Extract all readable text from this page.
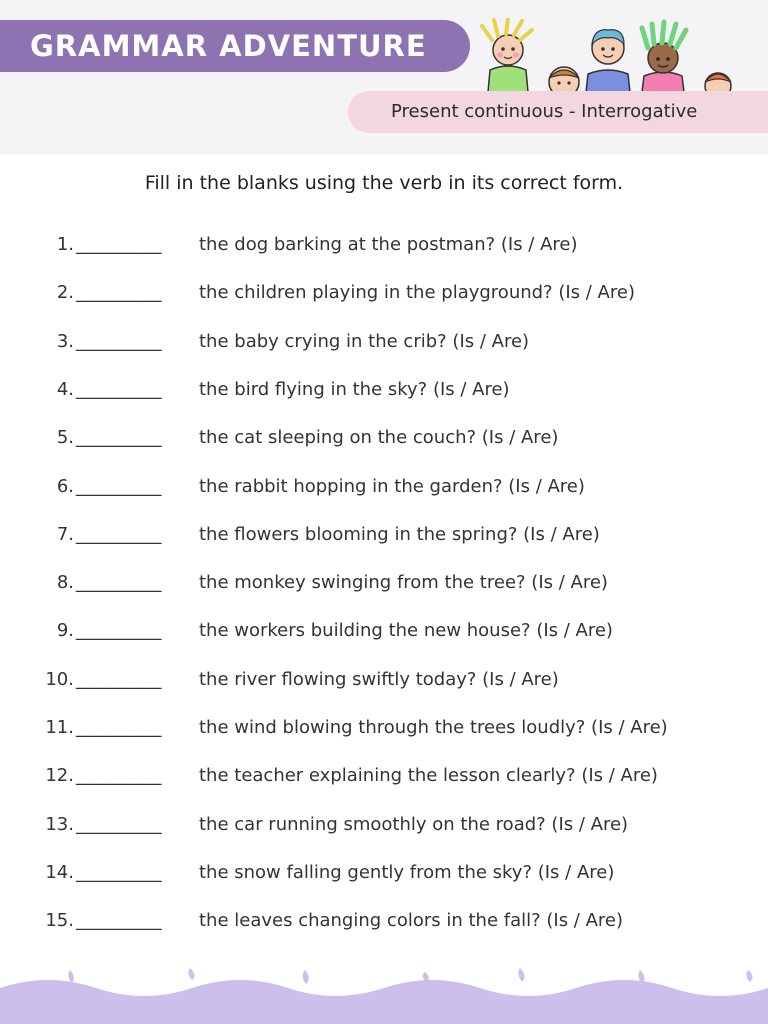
GRAMMAR ADVENTURE
Present continuous - Interrogative
Fill in the blanks using the verb in its correct form.
1. __________ the dog barking at the postman? (Is / Are)
2. __________ the children playing in the playground? (Is / Are)
3. __________ the baby crying in the crib? (Is / Are)
4. __________ the bird flying in the sky? (Is / Are)
5. __________ the cat sleeping on the couch? (Is / Are)
6. __________ the rabbit hopping in the garden? (Is / Are)
7. __________ the flowers blooming in the spring? (Is / Are)
8. __________ the monkey swinging from the tree? (Is / Are)
9. __________ the workers building the new house? (Is / Are)
10. __________ the river flowing swiftly today? (Is / Are)
11. __________ the wind blowing through the trees loudly? (Is / Are)
12. __________ the teacher explaining the lesson clearly? (Is / Are)
13. __________ the car running smoothly on the road? (Is / Are)
14. __________ the snow falling gently from the sky? (Is / Are)
15. __________ the leaves changing colors in the fall? (Is / Are)
